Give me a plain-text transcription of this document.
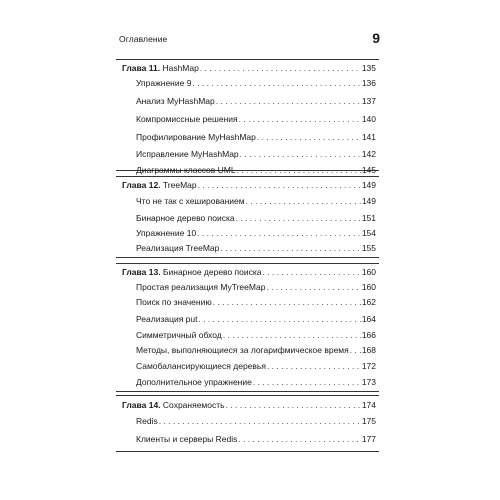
Оглавление	9
Глава 11. HashMap . . .	135
Упражнение 9 . . .	136
Анализ MyHashMap . . .	137
Компромиссные решения . . .	140
Профилирование MyHashMap . . .	141
Исправление MyHashMap . . .	142
Диаграммы классов UML . . .	145
Глава 12. TreeMap . . .	149
Что не так с хешированием . . .	149
Бинарное дерево поиска . . .	151
Упражнение 10 . . .	154
Реализация TreeMap . . .	155
Глава 13. Бинарное дерево поиска . . .	160
Простая реализация MyTreeMap . . .	160
Поиск по значению . . .	162
Реализация put . . .	164
Симметричный обход . . .	166
Методы, выполняющиеся за логарифмическое время . . . 168
Самобалансирующиеся деревья . . .	172
Дополнительное упражнение . . .	173
Глава 14. Сохраняемость . . .	174
Redis . . .	175
Клиенты и серверы Redis . . .	177
